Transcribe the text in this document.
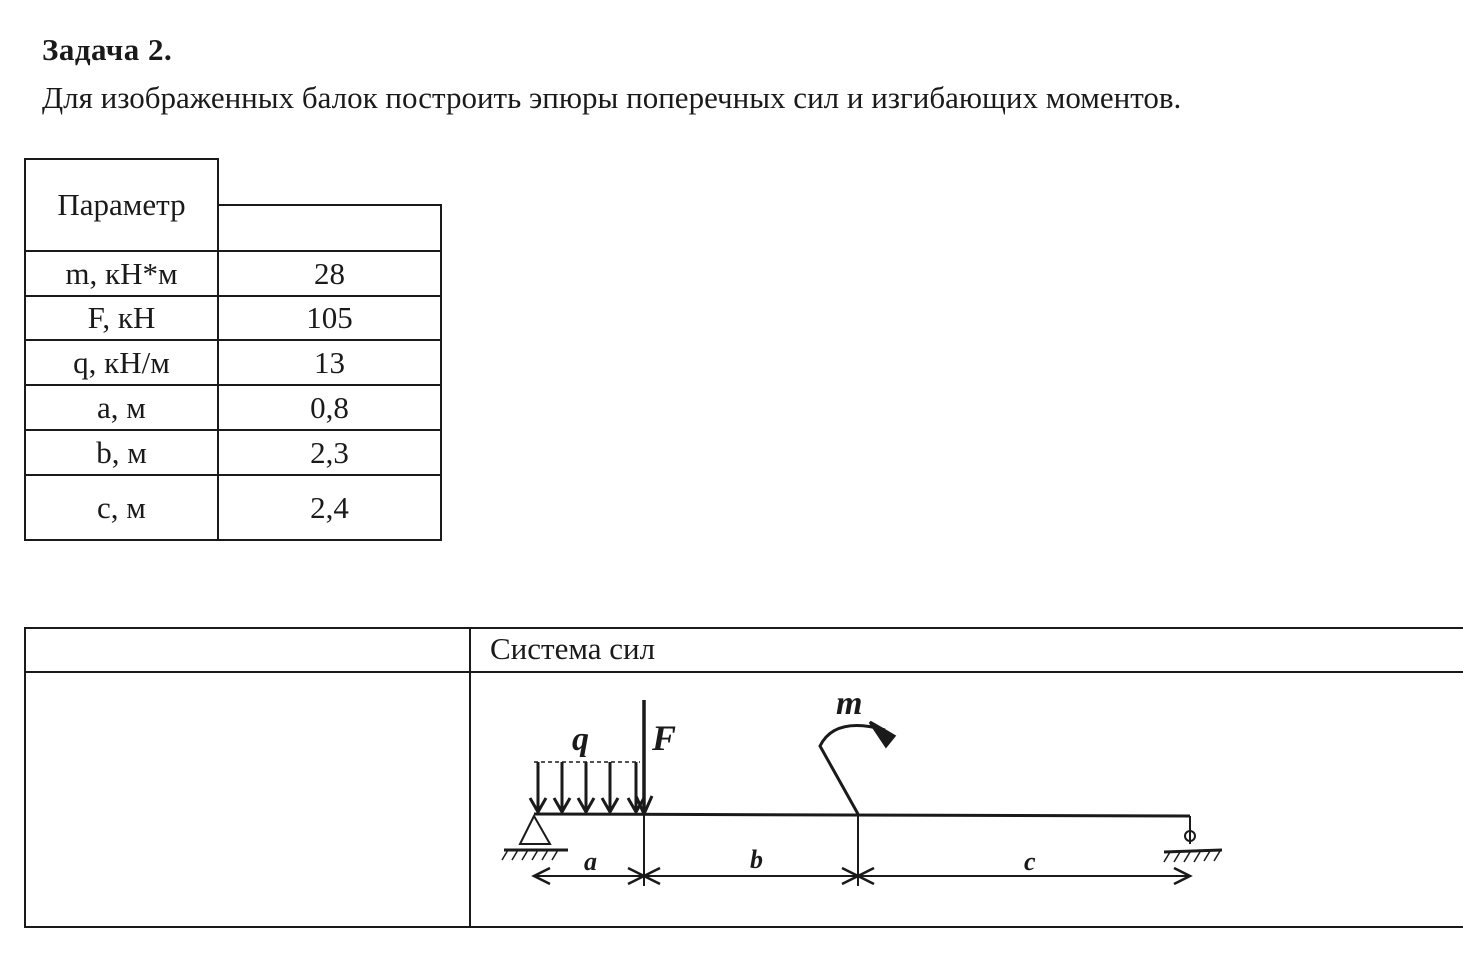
Задача 2.
Для изображенных балок построить эпюры поперечных сил и изгибающих моментов.
Параметр
m, кН*м	28
F, кН	105
q, кН/м	13
a, м	0,8
b, м	2,3
c, м	2,4
Система сил
q F
m
a	b	c
